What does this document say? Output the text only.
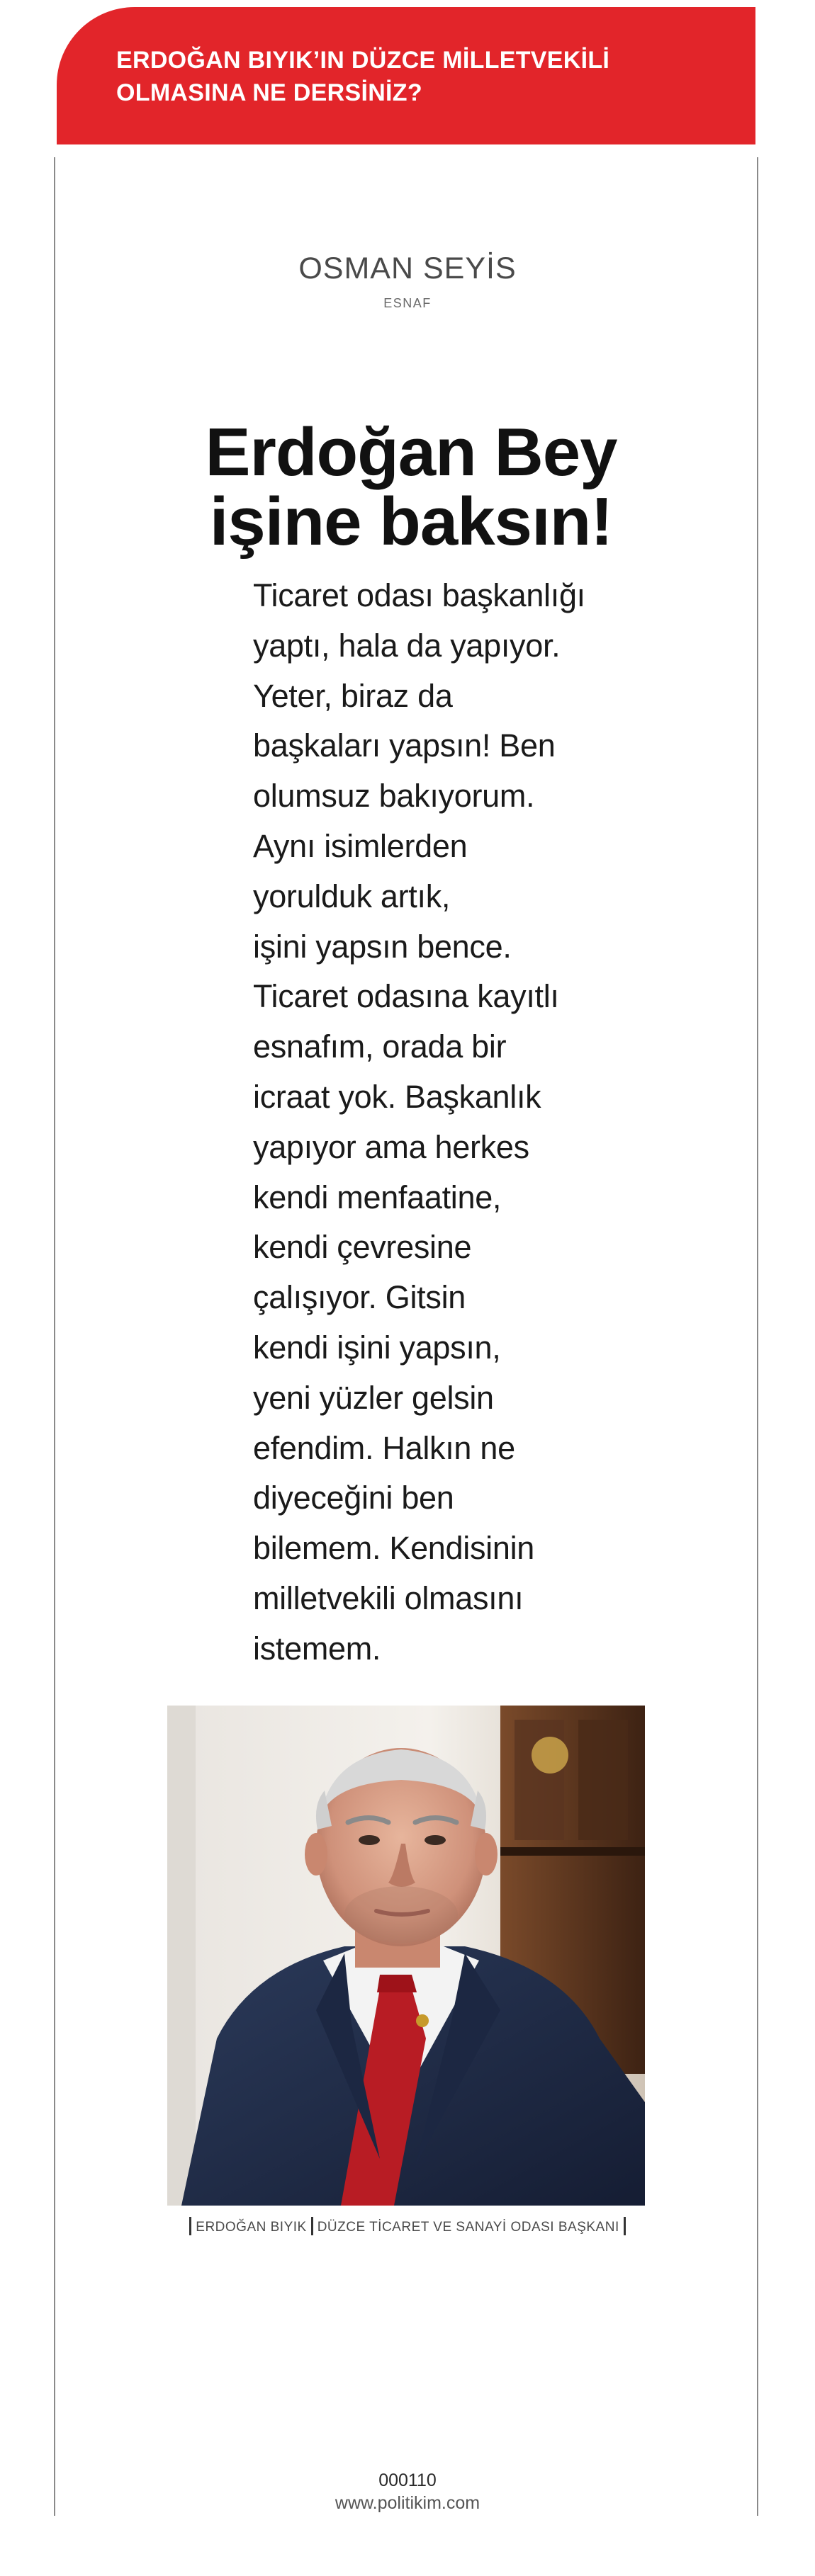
ERDOĞAN BIYIK’IN DÜZCE MİLLETVEKİLİ
OLMASINA NE DERSİNİZ?

OSMAN SEYİS

ESNAF

Erdoğan Bey
işine baksın!

Ticaret odası başkanlığı
yaptı, hala da yapıyor.
Yeter, biraz da
başkaları yapsın! Ben
olumsuz bakıyorum.
Aynı isimlerden
yorulduk artık,
işini yapsın bence.
Ticaret odasına kayıtlı
esnafım, orada bir
icraat yok. Başkanlık
yapıyor ama herkes
kendi menfaatine,
kendi çevresine
çalışıyor. Gitsin
kendi işini yapsın,
yeni yüzler gelsin
efendim. Halkın ne
diyeceğini ben
bilemem. Kendisinin
milletvekili olmasını
istemem.

ERDOĞAN BIYIK DÜZCE TİCARET VE SANAYİ ODASI BAŞKANI

000110

www.politikim.com
